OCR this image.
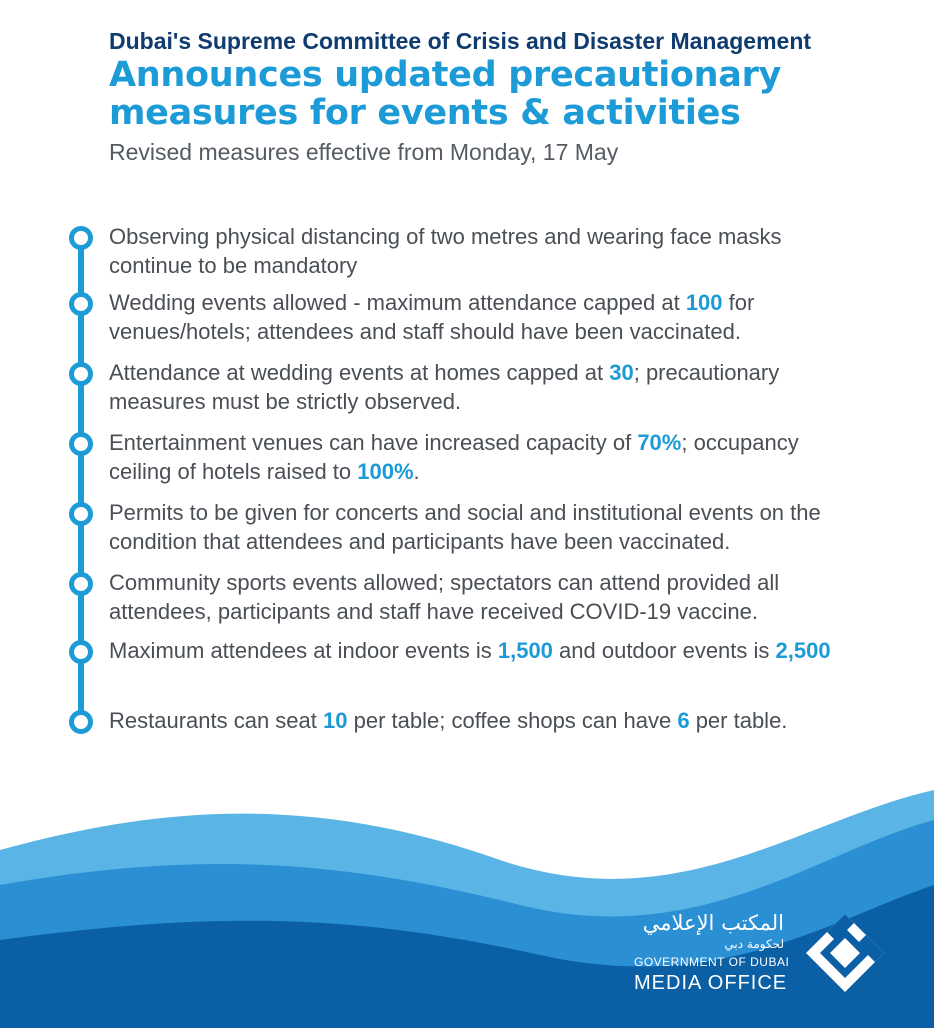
Dubai's Supreme Committee of Crisis and Disaster Management

Announces updated precautionary

measures for events & activities

Revised measures effective from Monday, 17 May

Observing physical distancing of two metres and wearing face masks continue to be mandatory

Wedding events allowed - maximum attendance capped at 100 for venues/hotels; attendees and staff should have been vaccinated.

Attendance at wedding events at homes capped at 30; precautionary measures must be strictly observed.

Entertainment venues can have increased capacity of 70%; occupancy ceiling of hotels raised to 100%.

Permits to be given for concerts and social and institutional events on the condition that attendees and participants have been vaccinated.

Community sports events allowed; spectators can attend provided all attendees, participants and staff have received COVID-19 vaccine.

Maximum attendees at indoor events is 1,500 and outdoor events is 2,500

Restaurants can seat 10 per table; coffee shops can have 6 per table.

المكتب الإعلامي

لحكومة دبي

GOVERNMENT OF DUBAI

MEDIA OFFICE
